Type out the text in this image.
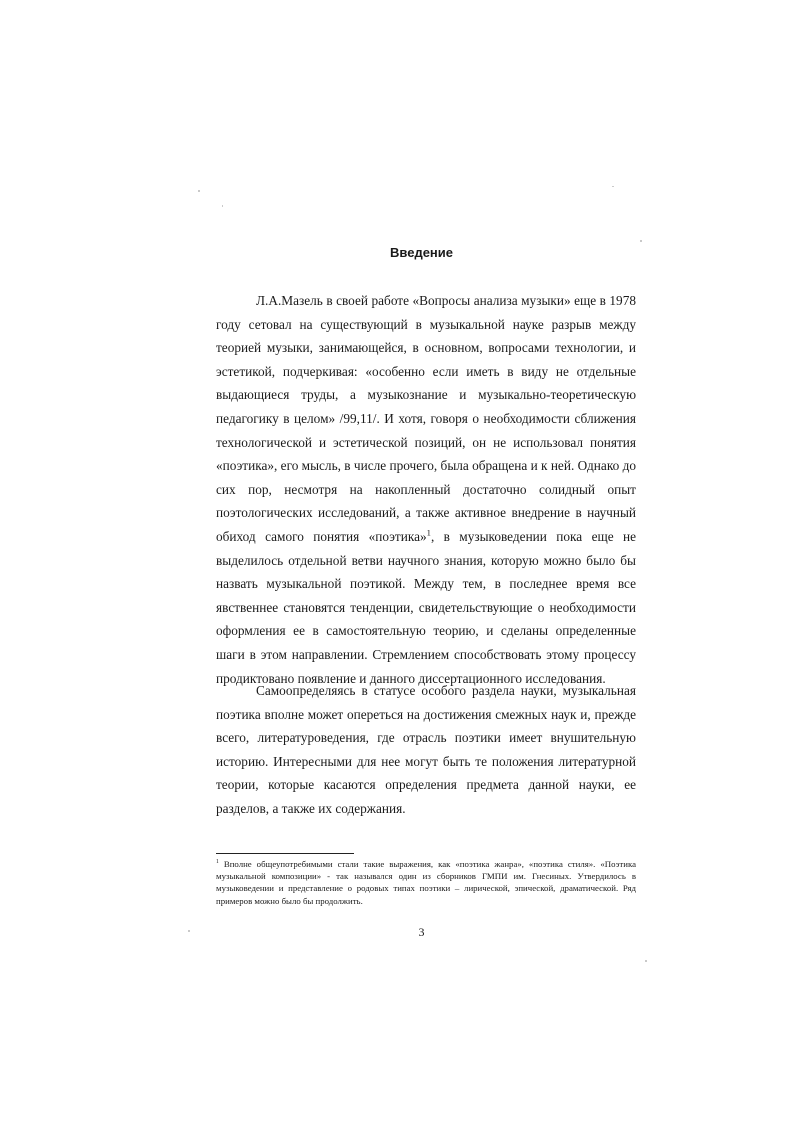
Введение

Л.А.Мазель в своей работе «Вопросы анализа музыки» еще в 1978 году сетовал на существующий в музыкальной науке разрыв между теорией музыки, занимающейся, в основном, вопросами технологии, и эстетикой, подчеркивая: «особенно если иметь в виду не отдельные выдающиеся труды, а музыкознание и музыкально-теоретическую педагогику в целом» /99,11/. И хотя, говоря о необходимости сближения технологической и эстетической позиций, он не использовал понятия «поэтика», его мысль, в числе прочего, была обращена и к ней. Однако до сих пор, несмотря на накопленный достаточно солидный опыт поэтологических исследований, а также активное внедрение в научный обиход самого понятия «поэтика»$^1$, в музыковедении пока еще не выделилось отдельной ветви научного знания, которую можно было бы назвать музыкальной поэтикой. Между тем, в последнее время все явственнее становятся тенденции, свидетельствующие о необходимости оформления ее в самостоятельную теорию, и сделаны определенные шаги в этом направлении. Стремлением способствовать этому процессу продиктовано появление и данного диссертационного исследования.

Самоопределяясь в статусе особого раздела науки, музыкальная поэтика вполне может опереться на достижения смежных наук и, прежде всего, литературоведения, где отрасль поэтики имеет внушительную историю. Интересными для нее могут быть те положения литературной теории, которые касаются определения предмета данной науки, ее разделов, а также их содержания.

$^1$ Вполне общеупотребимыми стали такие выражения, как «поэтика жанра», «поэтика стиля». «Поэтика музыкальной композиции» - так назывался один из сборников ГМПИ им. Гнесиных. Утвердилось в музыковедении и представление о родовых типах поэтики – лирической, эпической, драматической. Ряд примеров можно было бы продолжить.

3
